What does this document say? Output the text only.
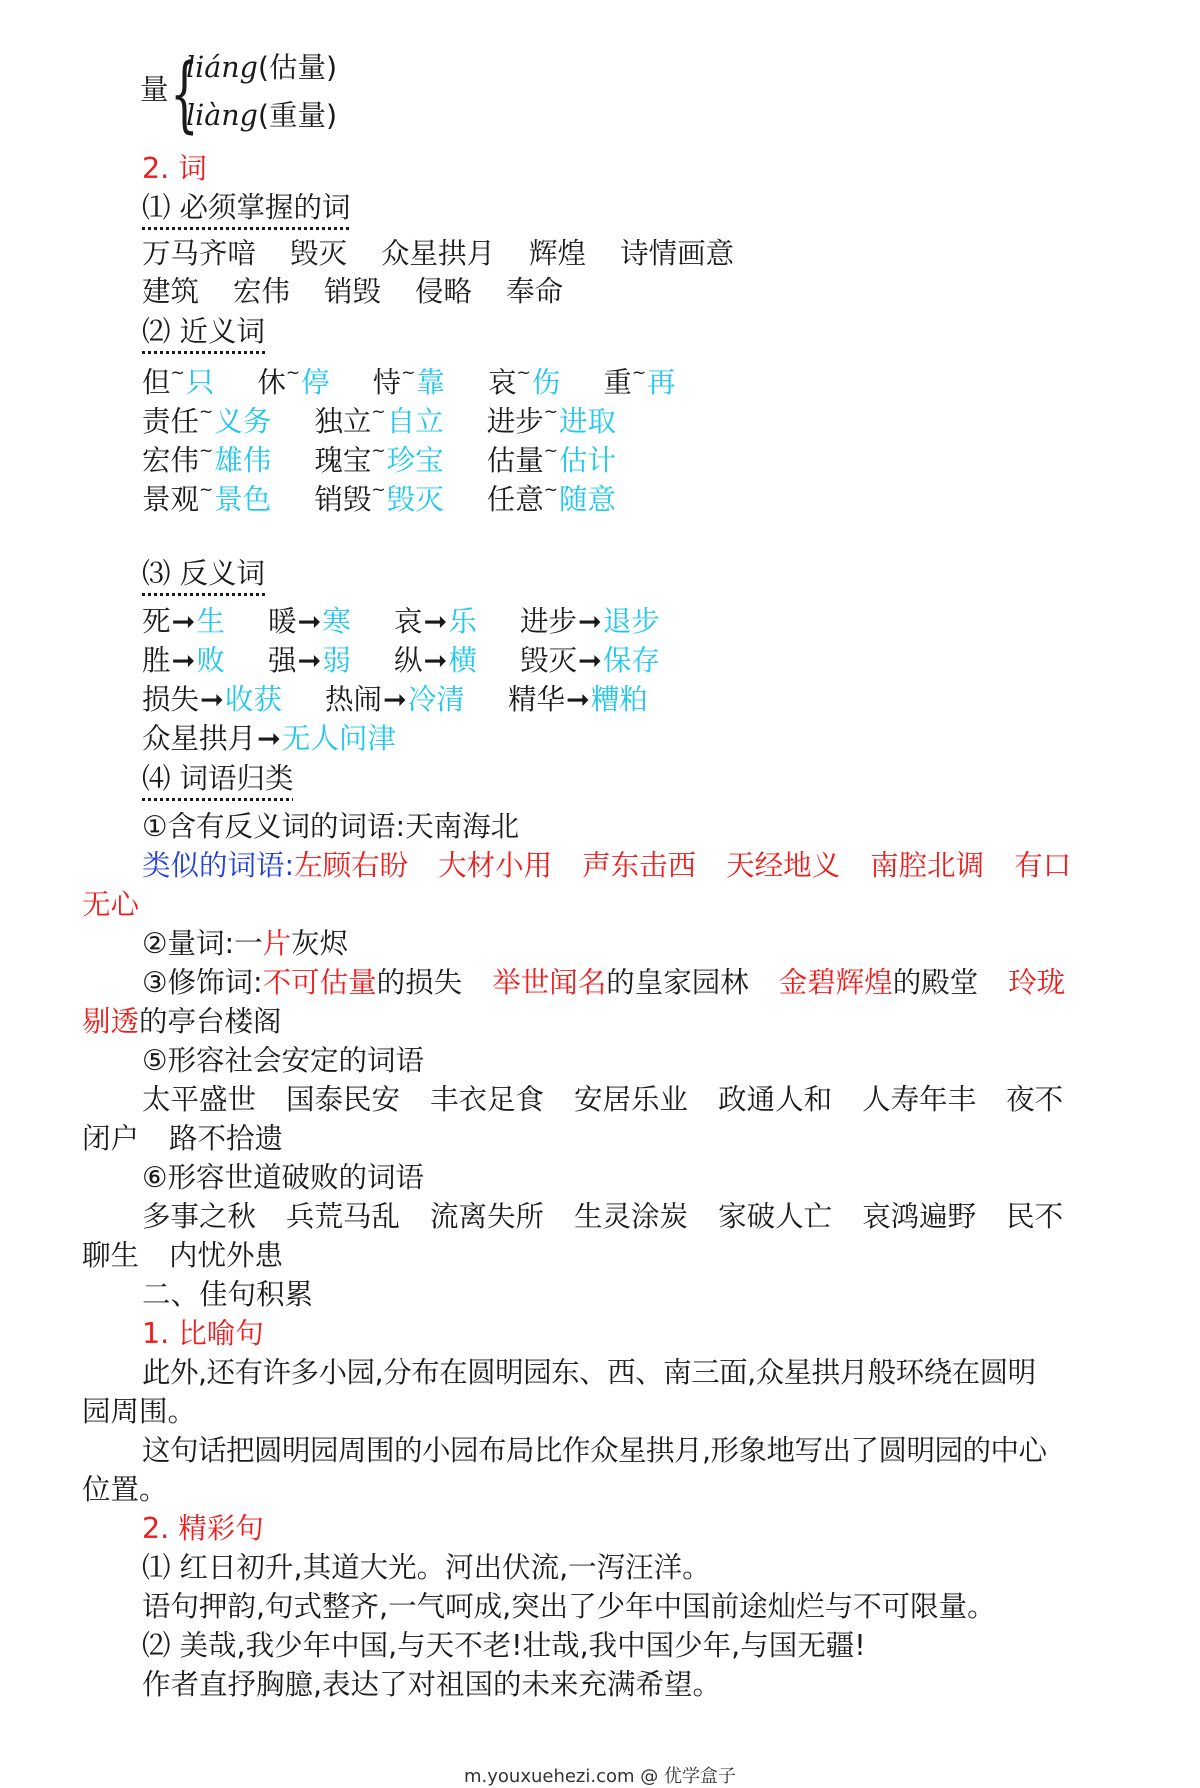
量 {
liáng(估量)
liàng(重量)
2. 词
⑴ 必须掌握的词
万马齐喑 毁灭 众星拱月 辉煌 诗情画意
建筑 宏伟 销毁 侵略 奉命
⑵ 近义词
但~只 休~停 恃~靠 哀~伤 重~再
责任~义务 独立~自立 进步~进取
宏伟~雄伟 瑰宝~珍宝 估量~估计
景观~景色 销毁~毁灭 任意~随意
⑶ 反义词
死➞生 暖➞寒 哀➞乐 进步➞退步
胜➞败 强➞弱 纵➞横 毁灭➞保存
损失➞收获 热闹➞冷清 精华➞糟粕
众星拱月➞无人问津
⑷ 词语归类
①含有反义词的词语:天南海北
类似的词语:左顾右盼 大材小用 声东击西 天经地义 南腔北调 有口
无心
②量词:一片灰烬
③修饰词:不可估量的损失 举世闻名的皇家园林 金碧辉煌的殿堂 玲珑
剔透的亭台楼阁
⑤形容社会安定的词语
太平盛世 国泰民安 丰衣足食 安居乐业 政通人和 人寿年丰 夜不
闭户 路不拾遗
⑥形容世道破败的词语
多事之秋 兵荒马乱 流离失所 生灵涂炭 家破人亡 哀鸿遍野 民不
聊生 内忧外患
二、佳句积累
1. 比喻句
此外,还有许多小园,分布在圆明园东、西、南三面,众星拱月般环绕在圆明
园周围。
这句话把圆明园周围的小园布局比作众星拱月,形象地写出了圆明园的中心
位置。
2. 精彩句
⑴ 红日初升,其道大光。河出伏流,一泻汪洋。
语句押韵,句式整齐,一气呵成,突出了少年中国前途灿烂与不可限量。
⑵ 美哉,我少年中国,与天不老!壮哉,我中国少年,与国无疆!
作者直抒胸臆,表达了对祖国的未来充满希望。
m.youxuehezi.com @ 优学盒子
